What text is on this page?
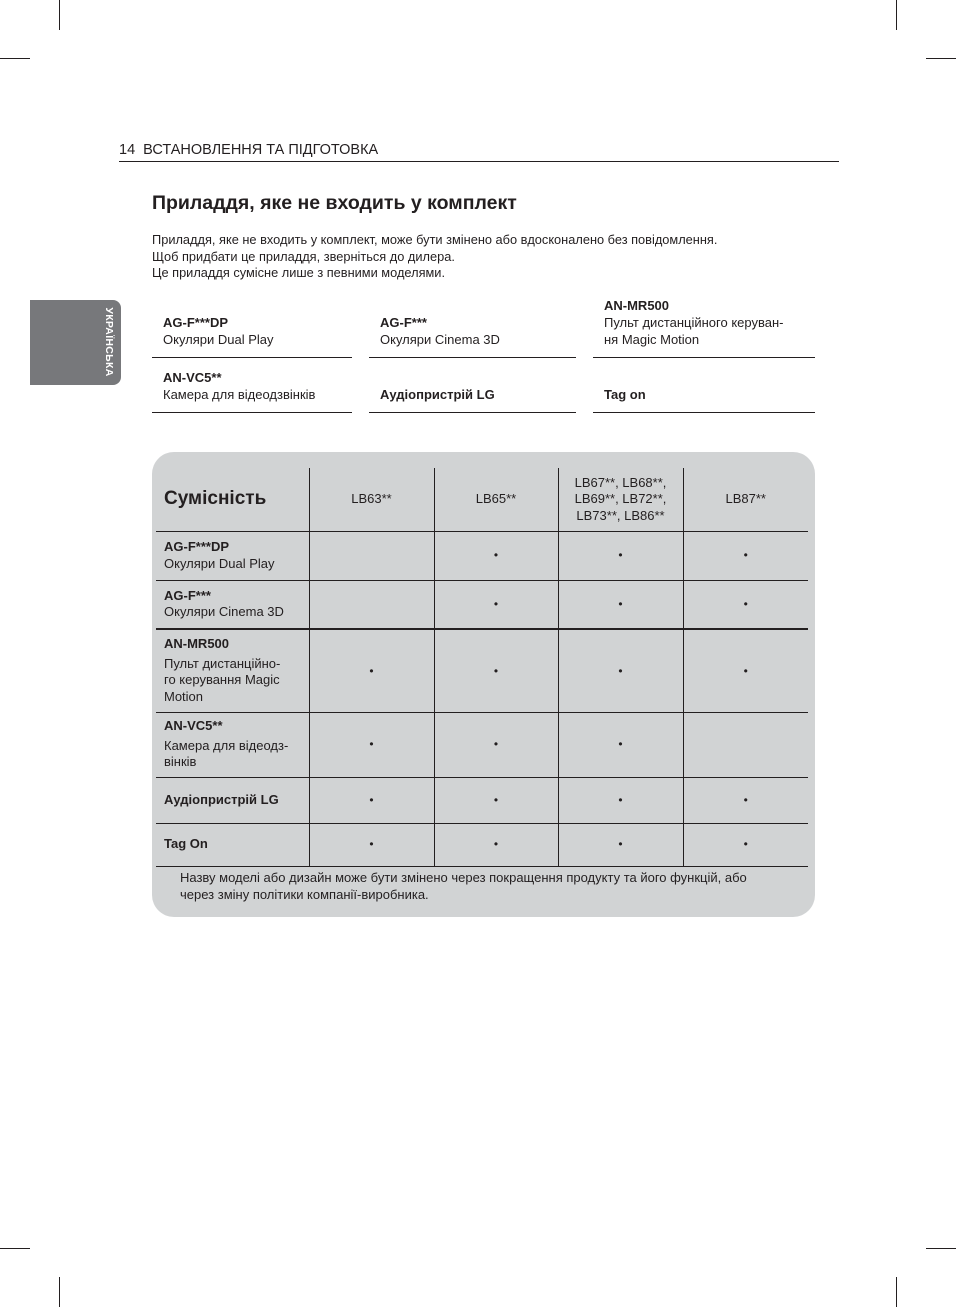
УКРАЇНСЬКА
14 ВСТАНОВЛЕННЯ ТА ПІДГОТОВКА
Приладдя, яке не входить у комплект
Приладдя, яке не входить у комплект, може бути змінено або вдосконалено без повідомлення.
Щоб придбати це приладдя, зверніться до дилера.
Це приладдя сумісне лише з певними моделями.
AG-F***DP
Окуляри Dual Play
AG-F***
Окуляри Cinema 3D
AN-MR500
Пульт дистанційного керуван-
ня Magic Motion
AN-VC5**
Камера для відеодзвінків	Аудіопристрій LG	Tag on
Сумісність	LB63**	LB65**	LB67**, LB68**,
LB69**, LB72**,
LB73**, LB86**	LB87**

AG-F***DP
Окуляри Dual Play		•	•	•

AG-F***
Окуляри Cinema 3D		•	•	•

AN-MR500
Пульт дистанційно-
го керування Magic
Motion	•	•	•	•

AN-VC5**
Камера для відеодз-
вінків	•	•	•	

Аудіопристрій LG	•	•	•	•

Tag On	•	•	•	•
Назву моделі або дизайн може бути змінено через покращення продукту та його функцій, або
через зміну політики компанії-виробника.
